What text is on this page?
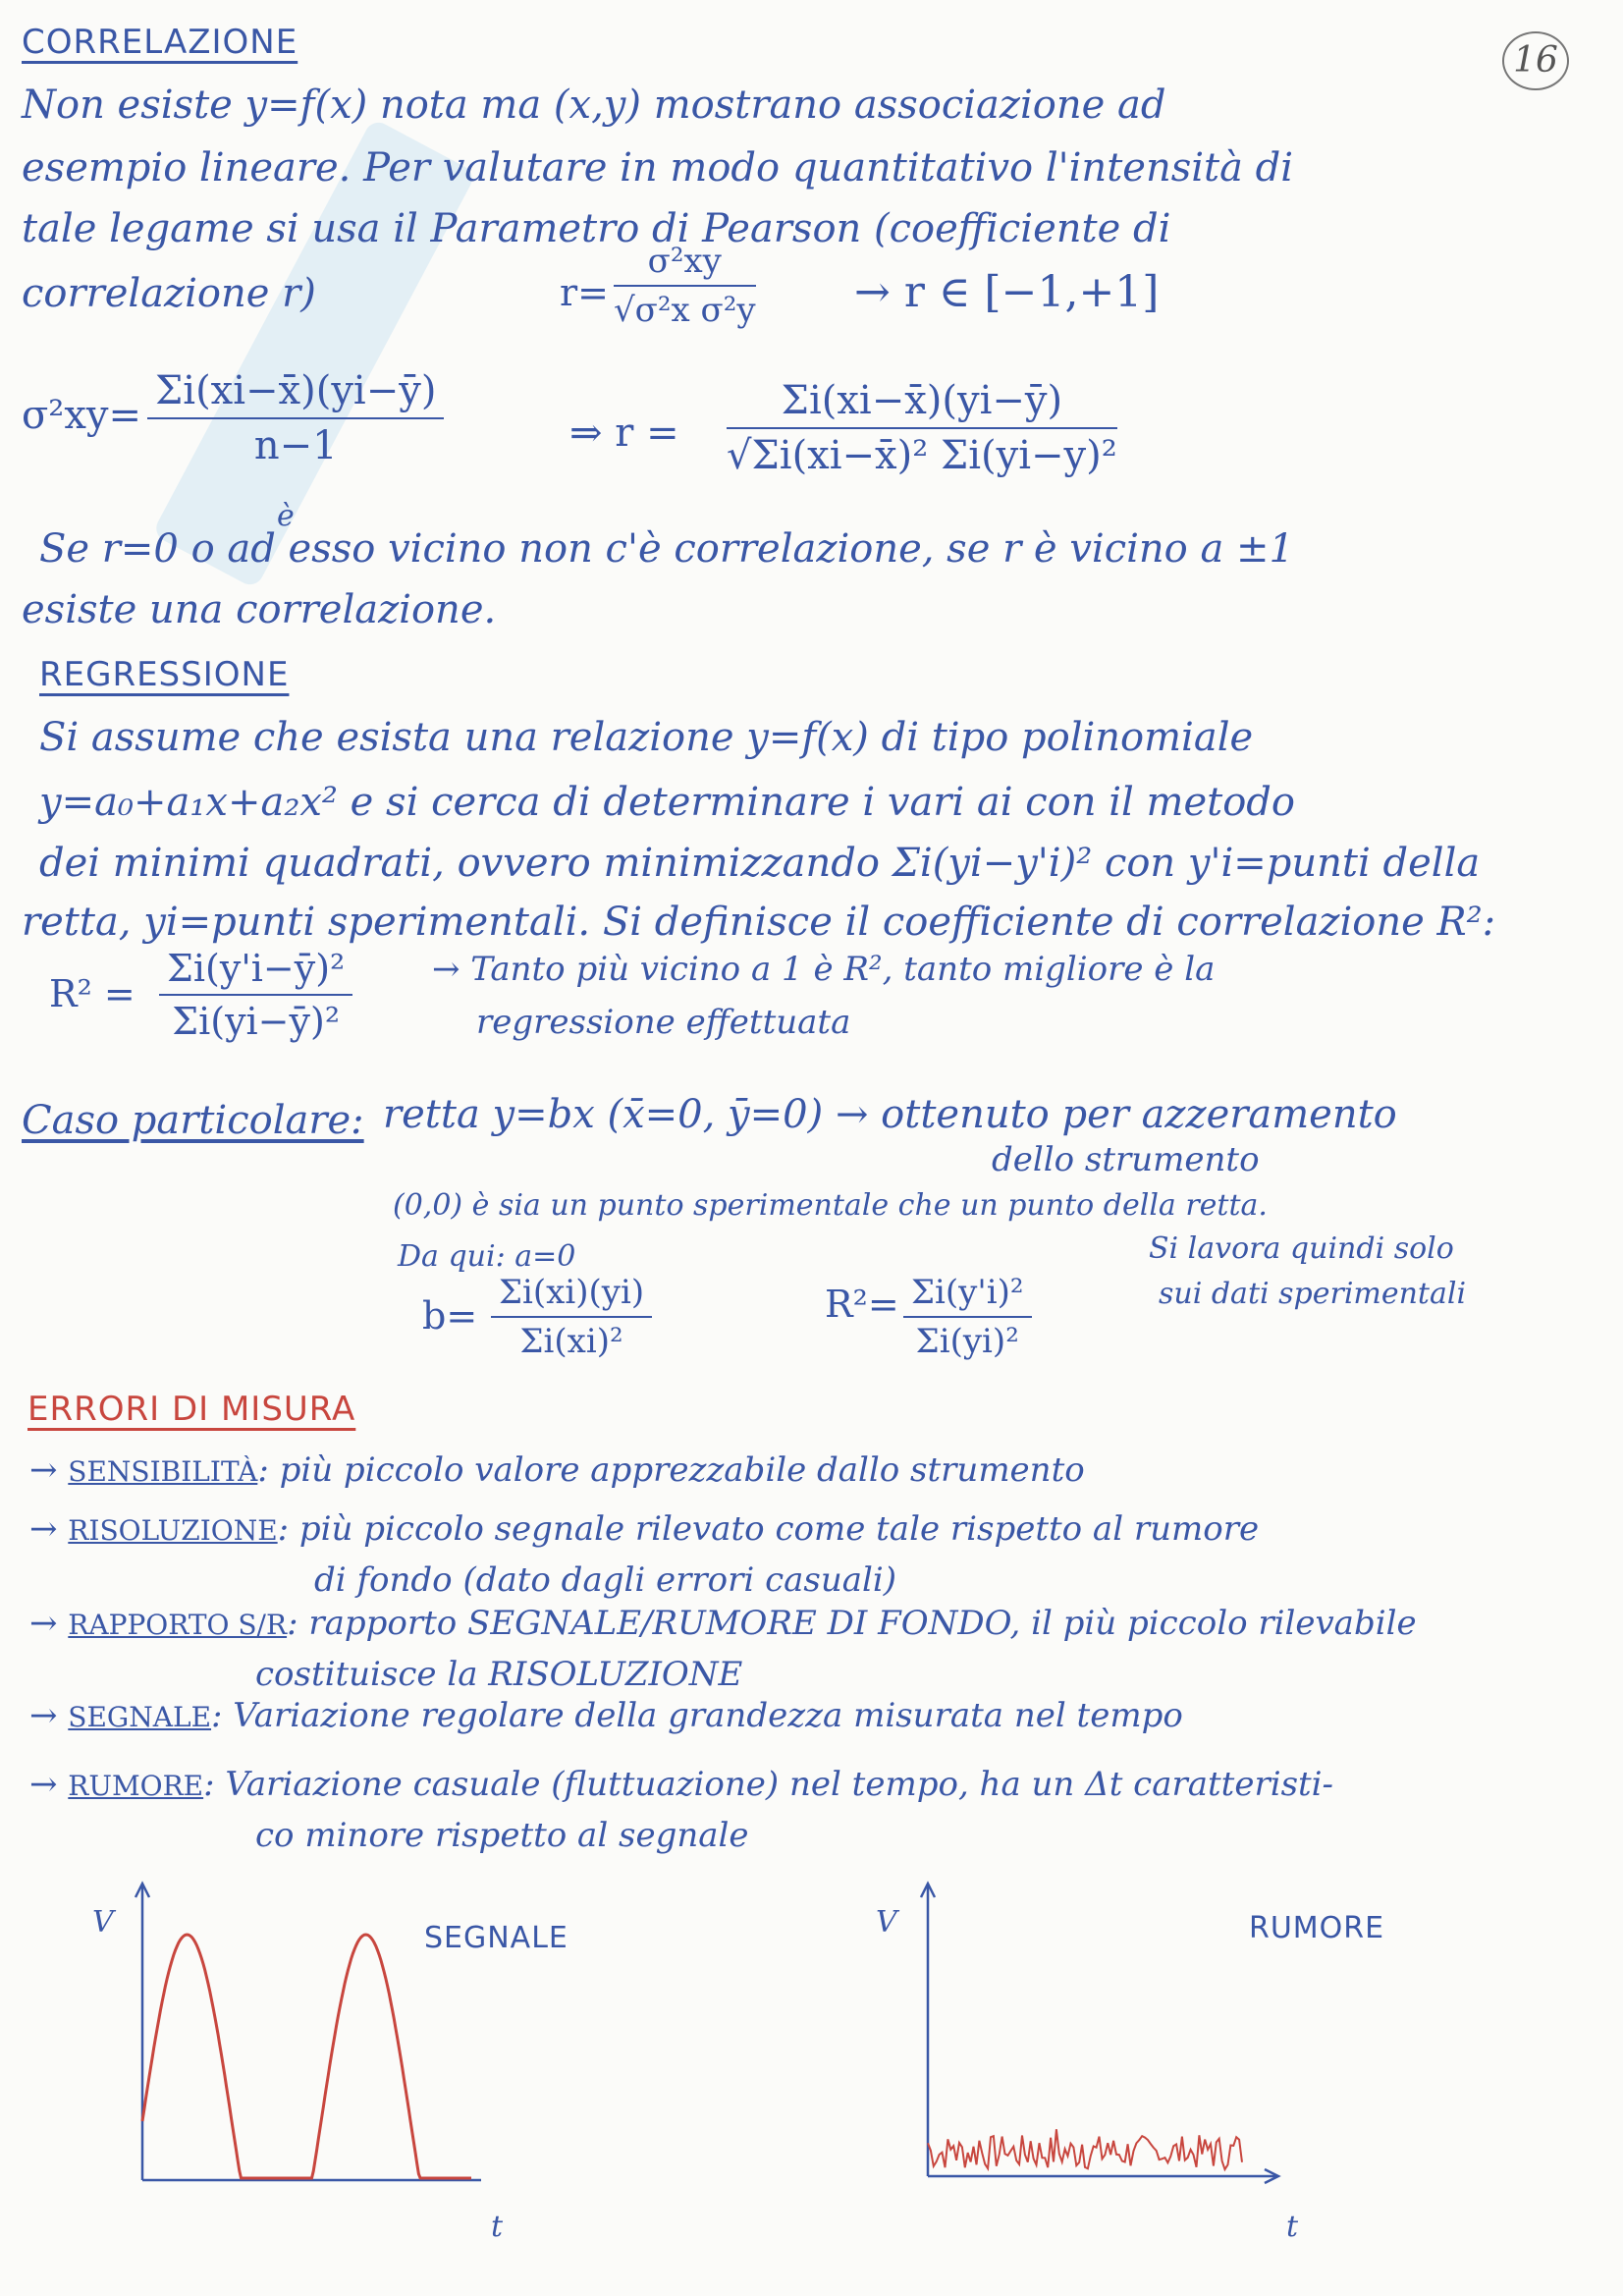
16
CORRELAZIONE
Non esiste y=f(x) nota ma (x,y) mostrano associazione ad
esempio lineare. Per valutare in modo quantitativo l'intensità di
tale legame si usa il Parametro di Pearson (coefficiente di
correlazione r)	$r= \frac{\text{σ²xy}}{\text{√σ²x σ²y}} \to r$ ∈ [−1,+1]
$\sigma^2xy= \frac{\Sigma i(xi-x̄)(yi-ȳ)}{n-1}$	⇒ $r = \frac{\Sigma i(xi-x̄)(yi-ȳ)}{\text{√Σi(xi−x̄)² Σi(yi−y)²}}$
è
Se r=0 o ad esso vicino non c'è correlazione, se r è vicino a ±1
esiste una correlazione.
REGRESSIONE
Si assume che esista una relazione y=f(x) di tipo polinomiale
y=a₀+a₁x+a₂x² e si cerca di determinare i vari ai con il metodo
dei minimi quadrati, ovvero minimizzando Σi(yi−y'i)² con y'i=punti della
retta, yi=punti sperimentali. Si definisce il coefficiente di correlazione R²:
$R^2 = \frac{\text{Σi(y'i−ȳ)²}}{\text{Σi(yi−ȳ)²}}$ → Tanto più vicino a 1 è R², tanto migliore è la
regressione effettuata
Caso particolare: retta y=bx (x̄=0, ȳ=0) → ottenuto per azzeramento
dello strumento
(0,0) è sia un punto sperimentale che un punto della retta.
Da qui: a=0	Si lavora quindi solo
sui dati sperimentali
$b= \frac{\Sigma i(xi)(yi)}{\text{Σi(xi)²}}$	$R^2= \frac{\text{Σi(y'i)²}}{\text{Σi(yi)²}}$
ERRORI DI MISURA
→ SENSIBILITÀ: più piccolo valore apprezzabile dallo strumento
→ RISOLUZIONE: più piccolo segnale rilevato come tale rispetto al rumore
di fondo (dato dagli errori casuali)
→ RAPPORTO S/R: rapporto SEGNALE/RUMORE DI FONDO, il più piccolo rilevabile
costituisce la RISOLUZIONE
→ SEGNALE: Variazione regolare della grandezza misurata nel tempo
→ RUMORE: Variazione casuale (fluttuazione) nel tempo, ha un Δt caratteristi-
co minore rispetto al segnale
SEGNALE	RUMORE
V
t
V
t
